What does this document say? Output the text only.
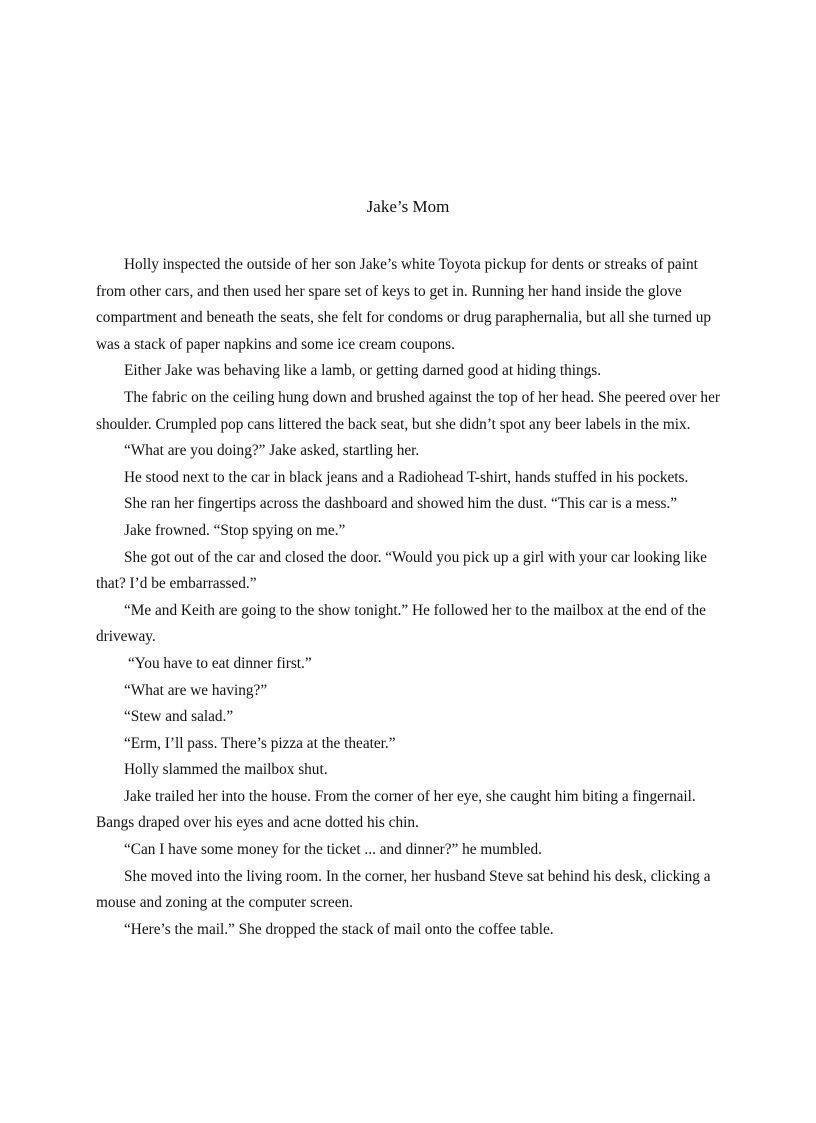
Jake’s Mom

Holly inspected the outside of her son Jake’s white Toyota pickup for dents or streaks of paint from other cars, and then used her spare set of keys to get in. Running her hand inside the glove compartment and beneath the seats, she felt for condoms or drug paraphernalia, but all she turned up was a stack of paper napkins and some ice cream coupons.

Either Jake was behaving like a lamb, or getting darned good at hiding things.

The fabric on the ceiling hung down and brushed against the top of her head. She peered over her shoulder. Crumpled pop cans littered the back seat, but she didn’t spot any beer labels in the mix.

“What are you doing?” Jake asked, startling her.

He stood next to the car in black jeans and a Radiohead T-shirt, hands stuffed in his pockets.

She ran her fingertips across the dashboard and showed him the dust. “This car is a mess.”

Jake frowned. “Stop spying on me.”

She got out of the car and closed the door. “Would you pick up a girl with your car looking like that? I’d be embarrassed.”

“Me and Keith are going to the show tonight.” He followed her to the mailbox at the end of the driveway.

“You have to eat dinner first.”

“What are we having?”

“Stew and salad.”

“Erm, I’ll pass. There’s pizza at the theater.”

Holly slammed the mailbox shut.

Jake trailed her into the house. From the corner of her eye, she caught him biting a fingernail. Bangs draped over his eyes and acne dotted his chin.

“Can I have some money for the ticket ... and dinner?” he mumbled.

She moved into the living room. In the corner, her husband Steve sat behind his desk, clicking a mouse and zoning at the computer screen.

“Here’s the mail.” She dropped the stack of mail onto the coffee table.
